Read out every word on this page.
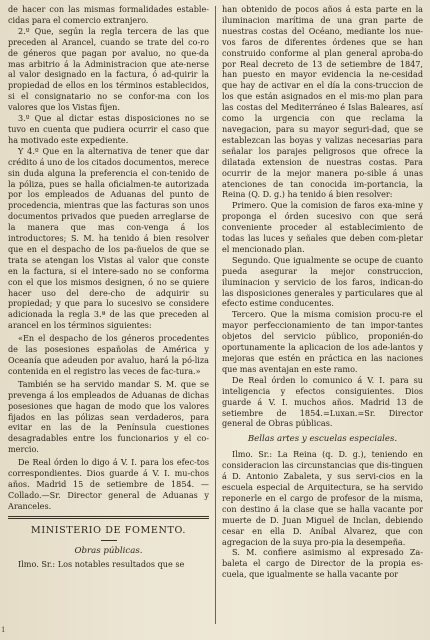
de hacer con las mismas formalidades estable-cidas para el comercio extranjero.

2.º Que, según la regla tercera de las que preceden al Arancel, cuando se trate del co-ro de géneros que pagan por avaluo, no que-da mas arbitrio á la Administracion que ate-nerse al valor designado en la factura, ó ad-quirir la propiedad de ellos en los términos establecidos, si el consignatario no se confor-ma con los valores que los Vistas fijen.

3.º Que al dictar estas disposiciones no se tuvo en cuenta que pudiera ocurrir el caso que ha motivado este expediente.

Y 4.º Que en la alternativa de tener que dar crédito á uno de los citados documentos, merece sin duda alguna la preferencia el con-tenido de la póliza, pues se halla oficialmen-te autorizada por los empleados de Aduanas del punto de procedencia, mientras que las facturas son unos documentos privados que pueden arreglarse de la manera que mas con-venga á los introductores; S. M. ha tenido á bien resolver que en el despacho de los pa-ñuelos de que se trata se atengan los Vistas al valor que conste en la factura, si el intere-sado no se conforma con el que los mismos designen, ó no se quiere hacer uso del dere-cho de adquirir su propiedad; y que para lo sucesivo se considere adicionada la regla 3.ª de las que preceden al arancel en los términos siguientes:

«En el despacho de los géneros procedentes de las posesiones españolas de América y Oceanía que adeuden por avaluo, hará la pó-liza contenida en el registro las veces de fac-tura.»

También se ha servido mandar S. M. que se prevenga á los empleados de Aduanas de dichas posesiones que hagan de modo que los valores fijados en las pólizas sean verdaderos, para evitar en las de la Península cuestiones desagradables entre los funcionarios y el co-mercio.

De Real órden lo digo á V. I. para los efec-tos correspondientes. Dios guarde á V. I. mu-chos años. Madrid 15 de setiembre de 1854. —Collado.—Sr. Director general de Aduanas y Aranceles.

MINISTERIO DE FOMENTO.
Obras públicas.

Ilmo. Sr.: Los notables resultados que se

han obtenido de pocos años á esta parte en la iluminacion marítima de una gran parte de nuestras costas del Océano, mediante los nue-vos faros de diferentes órdenes que se han construido conforme al plan general aproba-do por Real decreto de 13 de setiembre de 1847, han puesto en mayor evidencia la ne-cesidad que hay de activar en el día la cons-truccion de los que están asignados en el mis-mo plan para las costas del Mediterráneo é Islas Baleares, así como la urgencia con que reclama la navegacion, para su mayor seguri-dad, que se establezcan las boyas y valizas necesarias para señalar los parajes peligrosos que ofrece la dilatada extension de nuestras costas. Para ocurrir de la mejor manera po-sible á unas atenciones de tan conocida im-portancia, la Reina (Q. D. g.) ha tenido á bien resolver:

Primero. Que la comision de faros exa-mine y proponga el órden sucesivo con que será conveniente proceder al establecimiento de todas las luces y señales que deben com-pletar el mencionado plan.

Segundo. Que igualmente se ocupe de cuanto pueda asegurar la mejor construccion, iluminacion y servicio de los faros, indican-do las disposiciones generales y particulares que al efecto estime conducentes.

Tercero. Que la misma comision procu-re el mayor perfeccionamiento de tan impor-tantes objetos del servicio público, proponién-do oportunamente la aplicacion de los ade-lantos y mejoras que estén en práctica en las naciones que mas aventajan en este ramo.

De Real órden lo comunico á V. I. para su inteligencia y efectos consiguientes. Dios guarde á V. I. muchos años. Madrid 13 de setiembre de 1854.=Luxan.=Sr. Director general de Obras públicas.

Bellas artes y escuelas especiales.

Ilmo. Sr.: La Reina (q. D. g.), teniendo en consideracion las circunstancias que dis-tinguen á D. Antonio Zabaleta, y sus servi-cios en la escuela especial de Arquitectura, se ha servido reponerle en el cargo de profesor de la misma, con destino á la clase que se halla vacante por muerte de D. Juan Miguel de Inclan, debiendo cesar en ella D. Aníbal Alvarez, que con agregacion de la suya pro-pia la desempeña.

S. M. confiere asimismo al expresado Za-baleta el cargo de Director de la propia es-cuela, que igualmente se halla vacante por

1
